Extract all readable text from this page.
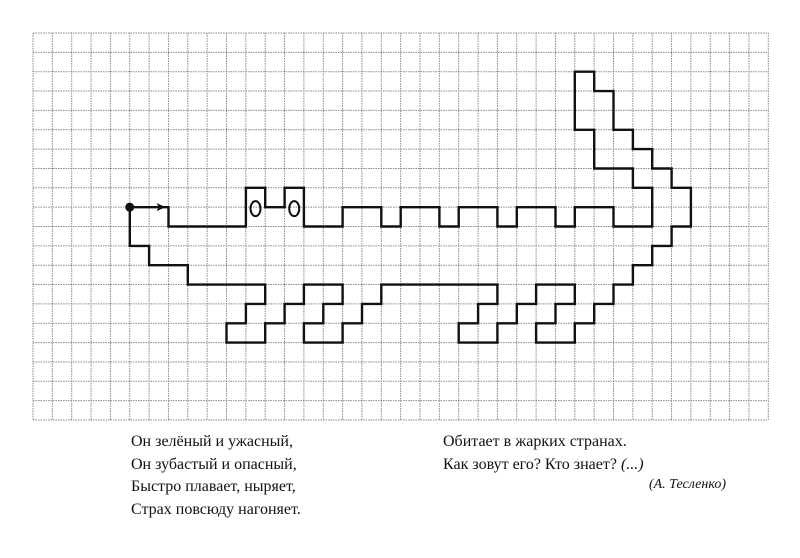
Он зелёный и ужасный,
Он зубастый и опасный,
Быстро плавает, ныряет,
Страх повсюду нагоняет.
Обитает в жарких странах.
Как зовут его? Кто знает? (...)
(А. Тесленко)
